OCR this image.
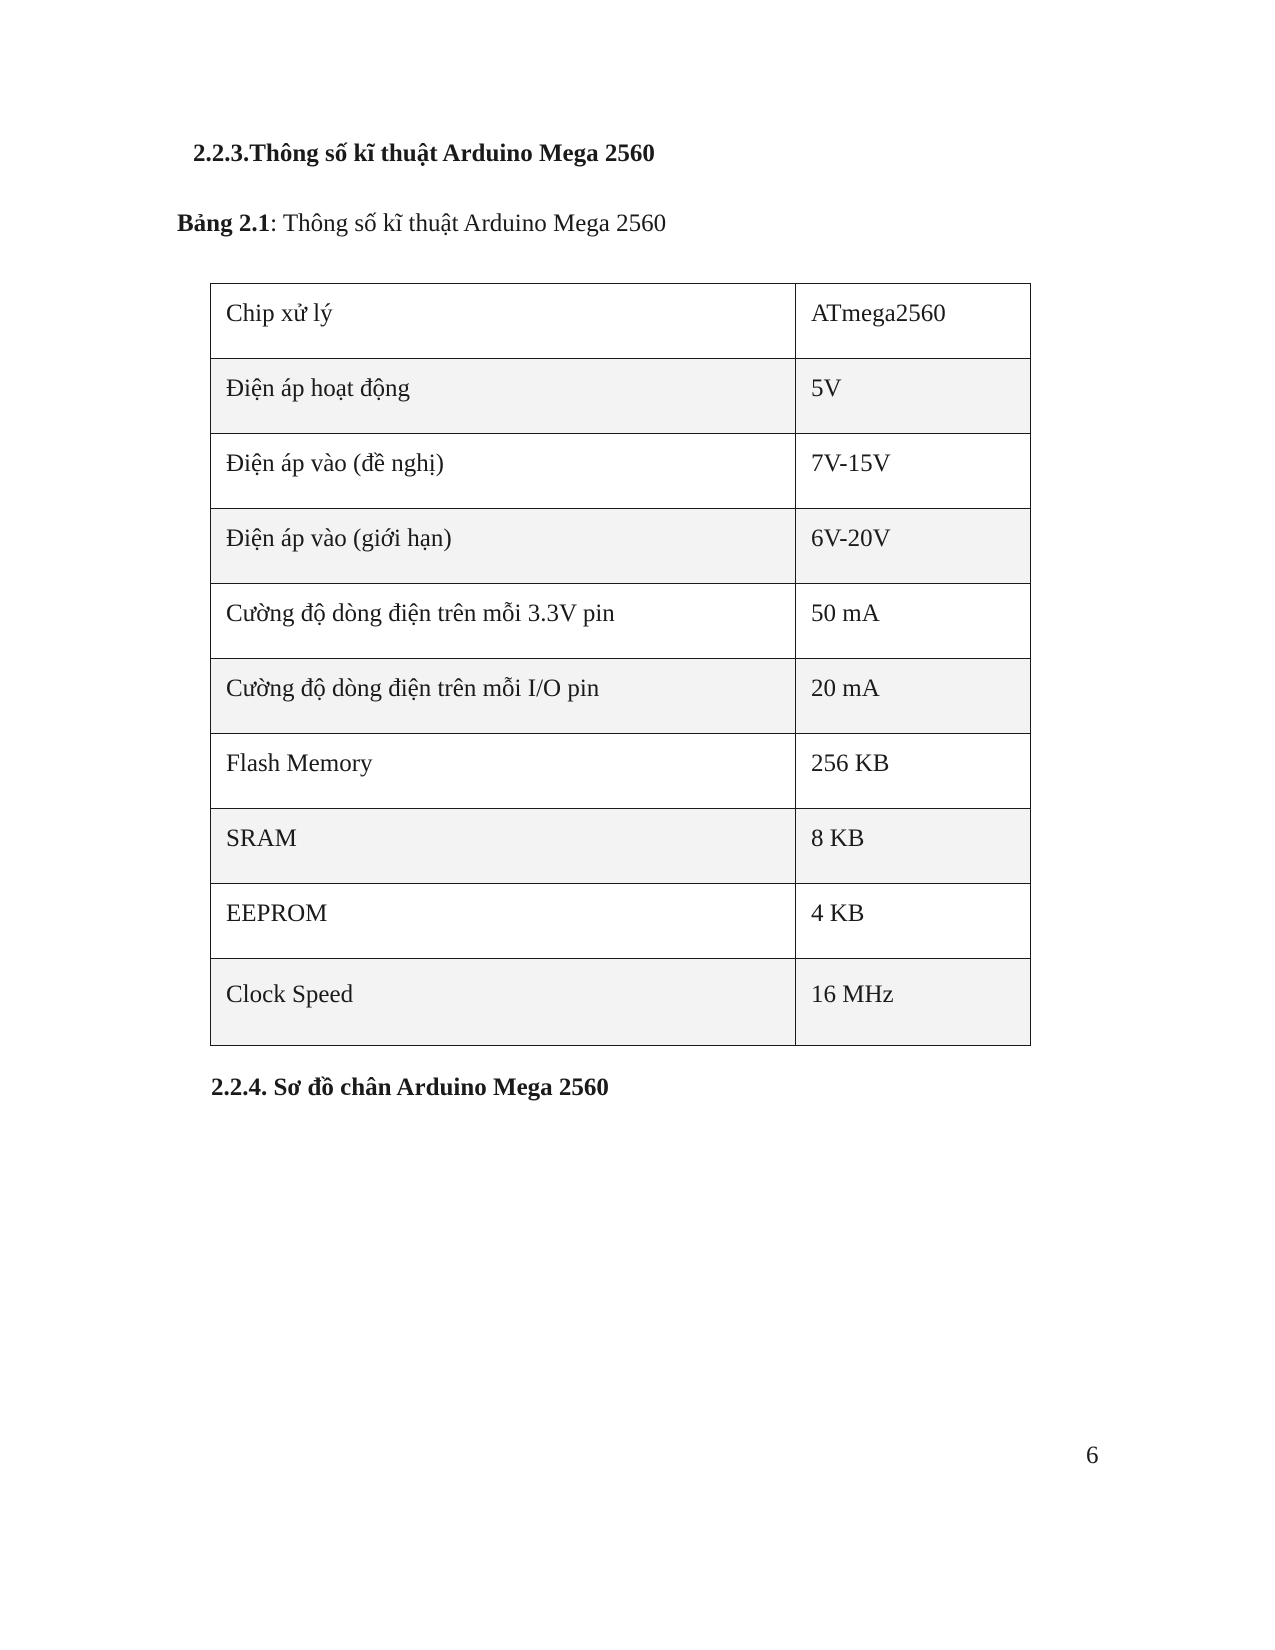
2.2.3.Thông số kĩ thuật Arduino Mega 2560
Bảng 2.1: Thông số kĩ thuật Arduino Mega 2560
Chip xử lý	ATmega2560
Điện áp hoạt động	5V
Điện áp vào (đề nghị)	7V-15V
Điện áp vào (giới hạn)	6V-20V
Cường độ dòng điện trên mỗi 3.3V pin	50 mA
Cường độ dòng điện trên mỗi I/O pin	20 mA
Flash Memory	256 KB
SRAM	8 KB
EEPROM	4 KB
Clock Speed	16 MHz
2.2.4. Sơ đồ chân Arduino Mega 2560
6
